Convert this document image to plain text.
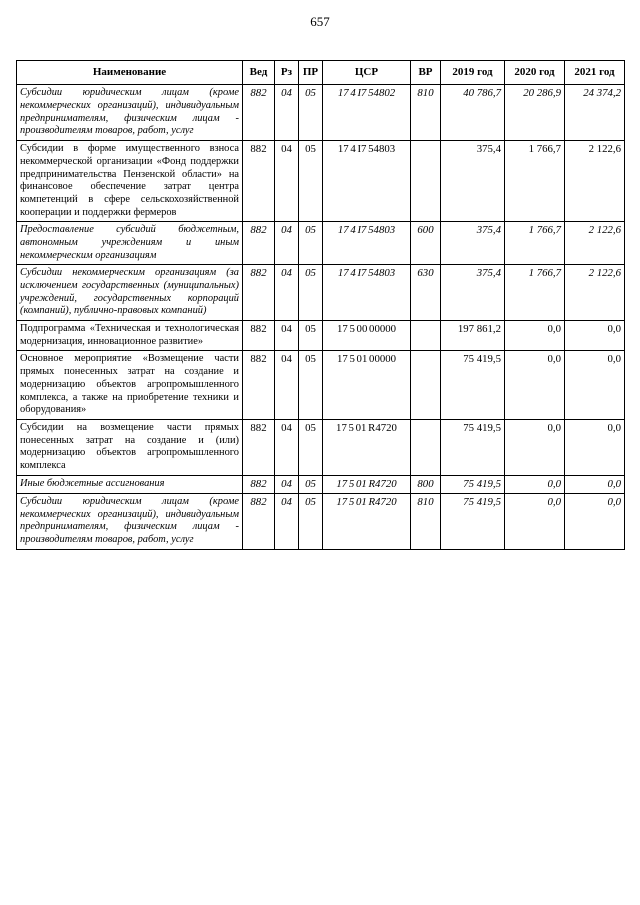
657
Наименование	Вед	Рз	ПР	ЦСР	ВР	2019 год	2020 год	2021 год
Субсидии юридическим лицам (кроме некоммерческих организаций), индивидуальным предпринимателям, физическим лицам - производителям товаров, работ, услуг	882	04	05	17 4 I7 54802	810	40 786,7	20 286,9	24 374,2
Субсидии в форме имущественного взноса некоммерческой организации «Фонд поддержки предпринимательства Пензенской области» на финансовое обеспечение затрат центра компетенций в сфере сельскохозяйственной кооперации и поддержки фермеров	882	04	05	17 4 I7 54803		375,4	1 766,7	2 122,6
Предоставление субсидий бюджетным, автономным учреждениям и иным некоммерческим организациям	882	04	05	17 4 I7 54803	600	375,4	1 766,7	2 122,6
Субсидии некоммерческим организациям (за исключением государственных (муниципальных) учреждений, государственных корпораций (компаний), публично-правовых компаний)	882	04	05	17 4 I7 54803	630	375,4	1 766,7	2 122,6
Подпрограмма «Техническая и технологическая модернизация, инновационное развитие»	882	04	05	17 5 00 00000		197 861,2	0,0	0,0
Основное мероприятие «Возмещение части прямых понесенных затрат на создание и модернизацию объектов агропромышленного комплекса, а также на приобретение техники и оборудования»	882	04	05	17 5 01 00000		75 419,5	0,0	0,0
Субсидии на возмещение части прямых понесенных затрат на создание и (или) модернизацию объектов агропромышленного комплекса	882	04	05	17 5 01 R4720		75 419,5	0,0	0,0
Иные бюджетные ассигнования	882	04	05	17 5 01 R4720	800	75 419,5	0,0	0,0
Субсидии юридическим лицам (кроме некоммерческих организаций), индивидуальным предпринимателям, физическим лицам - производителям товаров, работ, услуг	882	04	05	17 5 01 R4720	810	75 419,5	0,0	0,0
